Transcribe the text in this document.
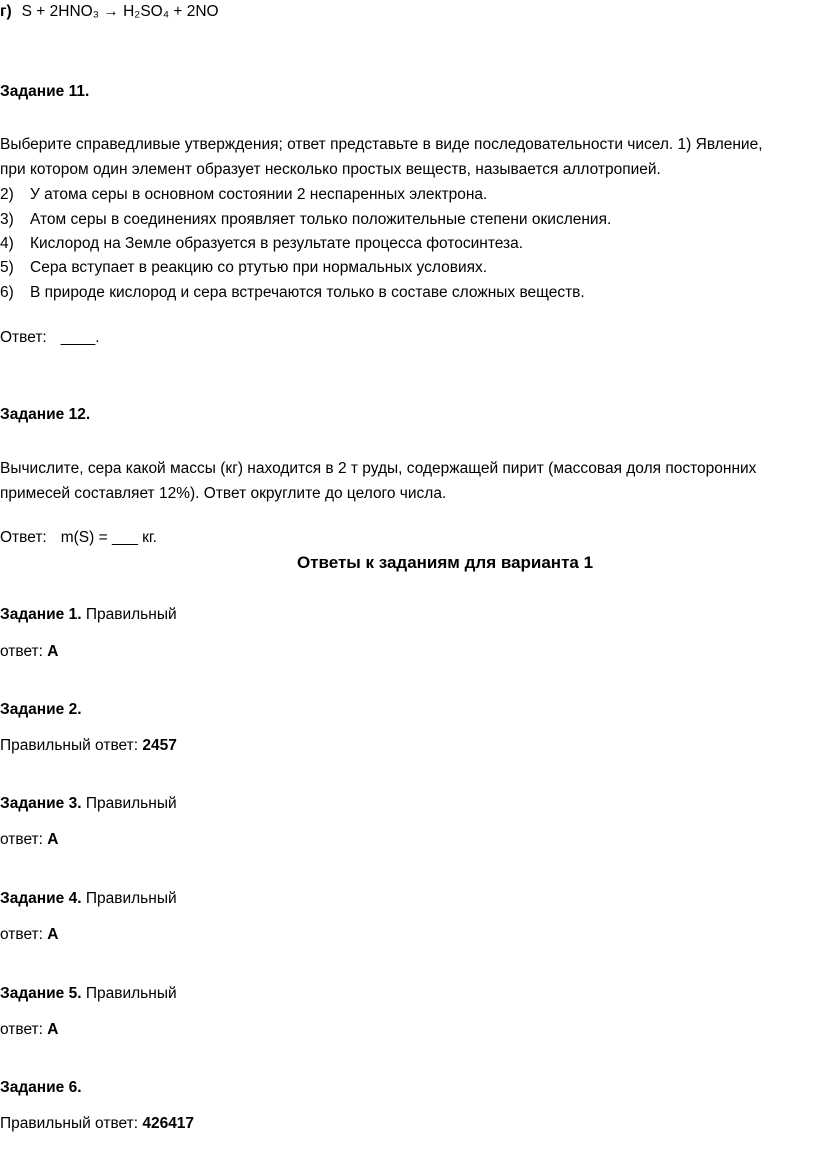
г) S + 2HNO₃ → H₂SO₄ + 2NO
Задание 11.
Выберите справедливые утверждения; ответ представьте в виде последовательности чисел. 1) Явление,
при котором один элемент образует несколько простых веществ, называется аллотропией.
2) У атома серы в основном состоянии 2 неспаренных электрона.
3) Атом серы в соединениях проявляет только положительные степени окисления.
4) Кислород на Земле образуется в результате процесса фотосинтеза.
5) Сера вступает в реакцию со ртутью при нормальных условиях.
6) В природе кислород и сера встречаются только в составе сложных веществ.
Ответ: ____.
Задание 12.
Вычислите, сера какой массы (кг) находится в 2 т руды, содержащей пирит (массовая доля посторонних
примесей составляет 12%). Ответ округлите до целого числа.
Ответ: m(S) = ___ кг.
Ответы к заданиям для варианта 1
Задание 1. Правильный
ответ: А
Задание 2.
Правильный ответ: 2457
Задание 3. Правильный
ответ: А
Задание 4. Правильный
ответ: А
Задание 5. Правильный
ответ: А
Задание 6.
Правильный ответ: 426417
